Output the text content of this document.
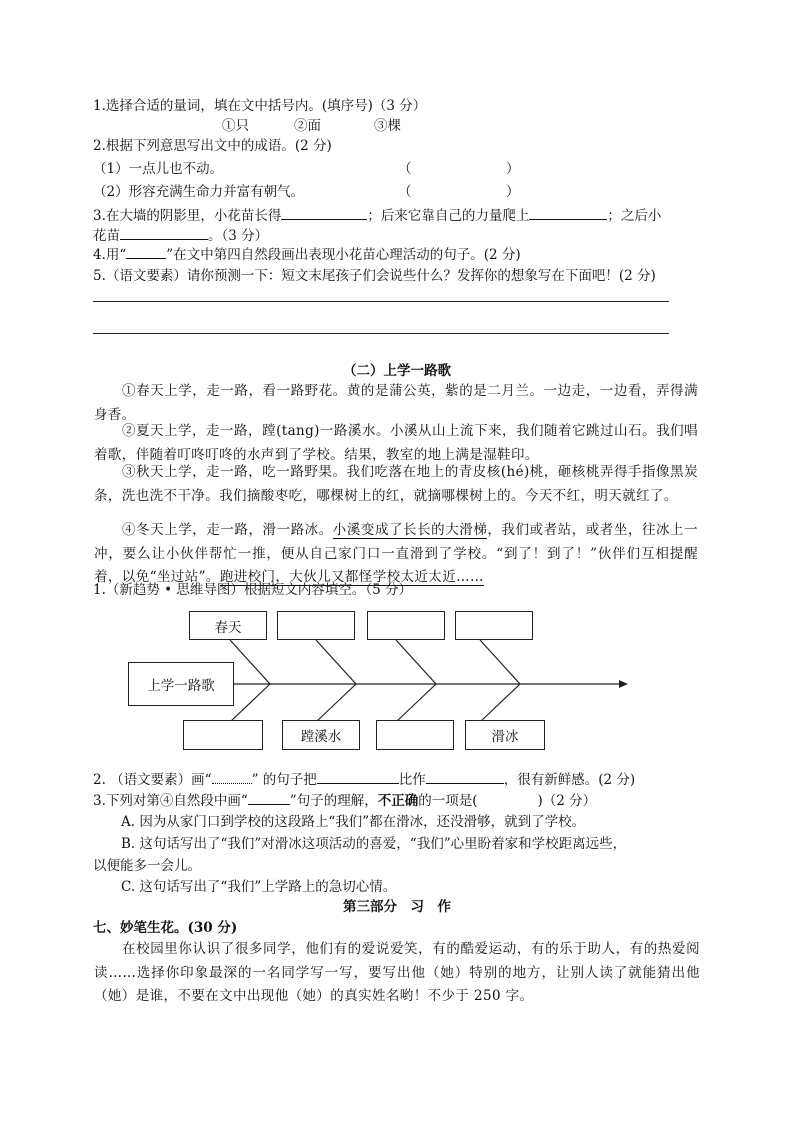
1.选择合适的量词，填在文中括号内。(填序号)（3 分）
①只	②面	③棵
2.根据下列意思写出文中的成语。(2 分)
（1）一点儿也不动。	（	）
（2）形容充满生命力并富有朝气。	（	）
3.在大墙的阴影里，小花苗长得	；后来它靠自己的力量爬上	；之后小
花苗	。（3 分）
4.用“	”在文中第四自然段画出表现小花苗心理活动的句子。(2 分)
5.（语文要素）请你预测一下：短文末尾孩子们会说些什么？发挥你的想象写在下面吧！(2 分)
（二）上学一路歌
①春天上学，走一路，看一路野花。黄的是蒲公英，紫的是二月兰。一边走，一边看，弄得满身香。
②夏天上学，走一路，蹚(tang)一路溪水。小溪从山上流下来，我们随着它跳过山石。我们唱着歌，伴随着叮咚叮咚的水声到了学校。结果，教室的地上满是湿鞋印。
③秋天上学，走一路，吃一路野果。我们吃落在地上的青皮核(hé)桃，砸核桃弄得手指像黑炭条，洗也洗不干净。我们摘酸枣吃，哪棵树上的红，就摘哪棵树上的。今天不红，明天就红了。
④冬天上学，走一路，滑一路冰。小溪变成了长长的大滑梯，我们或者站，或者坐，往冰上一冲，要么让小伙伴帮忙一推，便从自己家门口一直滑到了学校。“到了！到了！”伙伴们互相提醒着，以免“坐过站”。跑进校门，大伙儿又都怪学校太近太近……
1.（新趋势 • 思维导图）根据短文内容填空。（5 分）
上学一路歌
春天
蹚溪水	滑冰
2. （语文要素）画“	” 的句子把	比作	，很有新鲜感。(2 分)
3.下列对第④自然段中画“	”句子的理解，不正确的一项是(	)（2 分）
A. 因为从家门口到学校的这段路上“我们”都在滑冰，还没滑够，就到了学校。
B. 这句话写出了“我们”对滑冰这项活动的喜爱，“我们”心里盼着家和学校距离远些，
以便能多一会儿。
C. 这句话写出了“我们”上学路上的急切心情。
第三部分　习　作
七、妙笔生花。(30 分)
在校园里你认识了很多同学，他们有的爱说爱笑，有的酷爱运动，有的乐于助人，有的热爱阅读……选择你印象最深的一名同学写一写，要写出他（她）特别的地方，让别人读了就能猜出他（她）是谁，不要在文中出现他（她）的真实姓名哟！不少于 250 字。
